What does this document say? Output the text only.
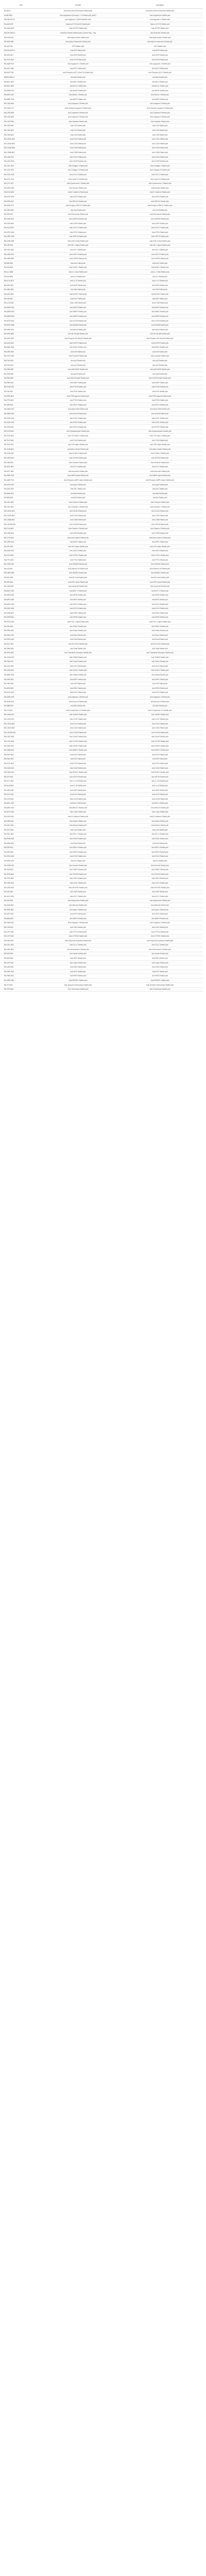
Item	Product	Description
N3-A3-S	Anti-Actin (Smooth Muscle) Rabbit pAb	Anti-Actin (Smooth Muscle) Rabbit pAb
IA-N9-RN3	Anti-Angiotensin (Pressor) / 1.5 Rabbit pAb (AMF)	Anti-Angiotensin Rabbit pAb
RAC06-002-27	Anti-Arginase-1 (ARG1)Rabbit mAb	Anti-Arginase-1 Rabbit mAb
RA-AGS-P8	Sperm ACTHS (ACS) Rabbit pAb	Sperm ACTHS Rabbit pAb
RA-AZA-NCS	Anti-AGTR1 Rabbit pAb	Anti-AGTR1 Rabbit pAb
RAC02-FAM-3	AndroSIn Rabbit (Rabbit pAb) (Guinea Pig) - Tag	Anti-AndroSIn Rabbit pAb
RA-AZ4-N01	Anti-Alpha-Actinin Rabbit pAb	Anti-Alpha-Actinin Rabbit pAb
RA-AZ6-N05	Anti-Alpha-Fetoprotein Rabbit pAb	Anti-Alpha-Fetoprotein Rabbit pAb
RA-AFP-R1	AFP Rabbit mAb	AFP Rabbit mAb
RAG03-APP-6	Anti-APP Rabbit pAb	Anti-APP Rabbit pAb
RA-AT6-N07	Anti-ATF6 Rabbit pAb	Anti-ATF6 Rabbit pAb
RA-ATG-N52	Anti-ATG5 Rabbit pAb	Anti-ATG5 Rabbit pAb
RA-AQP-R21	Anti-Aquaporin 1 Rabbit pAb	Anti-Aquaporin 1 Rabbit pAb
RA-AKT-N34	Anti-AKT1 Rabbit pAb	Anti-AKT1 Rabbit pAb
RA-AKT-P18	Anti-Phospho-AKT1 (Ser473) Rabbit pAb	Anti-Phospho-AKT1 Rabbit pAb
RAB12-BAX-1	Anti-Bax Rabbit pAb	Anti-Bax Rabbit pAb
RA-BCL-N22	Anti-Bcl-2 Rabbit pAb	Anti-Bcl-2 Rabbit pAb
RA-BCL-N35	Anti-Bcl-xL Rabbit pAb	Anti-Bcl-xL Rabbit pAb
RA-BDN-R14	Anti-BDNF Rabbit pAb	Anti-BDNF Rabbit pAb
RA-BEC-N11	Anti-Beclin 1 Rabbit pAb	Anti-Beclin 1 Rabbit pAb
RA-BMP-R02	Anti-BMP2 Rabbit pAb	Anti-BMP2 Rabbit pAb
RA-CAS-N03	Anti-Caspase-3 Rabbit pAb	Anti-Caspase-3 Rabbit pAb
RA-CAS-C17	Anti-Cleaved Caspase-3 Rabbit pAb	Anti-Cleaved Caspase-3 Rabbit pAb
RA-CAS-N08	Anti-Caspase-8 Rabbit pAb	Anti-Caspase-8 Rabbit pAb
RA-CAS-N09	Anti-Caspase-9 Rabbit pAb	Anti-Caspase-9 Rabbit pAb
RA-CAT-R05	Anti-Catalase Rabbit pAb	Anti-Catalase Rabbit pAb
RA-CD3-N01	Anti-CD3 Rabbit pAb	Anti-CD3 Rabbit pAb
RA-CD4-N02	Anti-CD4 Rabbit pAb	Anti-CD4 Rabbit pAb
RA-CD8-N03	Anti-CD8 Rabbit pAb	Anti-CD8 Rabbit pAb
RA-CD31-N04	Anti-CD31 Rabbit pAb	Anti-CD31 Rabbit pAb
RA-CD34-N05	Anti-CD34 Rabbit pAb	Anti-CD34 Rabbit pAb
RA-CD45-N06	Anti-CD45 Rabbit pAb	Anti-CD45 Rabbit pAb
RA-CD68-N07	Anti-CD68 Rabbit pAb	Anti-CD68 Rabbit pAb
RA-CDK-N12	Anti-CDK4 Rabbit pAb	Anti-CDK4 Rabbit pAb
RA-CHO-N23	Anti-CHOP Rabbit pAb	Anti-CHOP Rabbit pAb
RA-COL-R01	Anti-Collagen I Rabbit pAb	Anti-Collagen I Rabbit pAb
RA-COL-R03	Anti-Collagen III Rabbit pAb	Anti-Collagen III Rabbit pAb
RA-COX-N02	Anti-COX-2 Rabbit pAb	Anti-COX-2 Rabbit pAb
RA-CYC-N14	Anti-Cyclin D1 Rabbit pAb	Anti-Cyclin D1 Rabbit pAb
RA-CYT-N27	Anti-Cytochrome C Rabbit pAb	Anti-Cytochrome C Rabbit pAb
RA-DES-N18	Anti-Desmin Rabbit pAb	Anti-Desmin Rabbit pAb
RA-ECA-N05	Anti-E-Cadherin Rabbit pAb	Anti-E-Cadherin Rabbit pAb
RA-EGF-R09	Anti-EGFR Rabbit pAb	Anti-EGFR Rabbit pAb
RA-ERK-N11	Anti-ERK1/2 Rabbit pAb	Anti-ERK1/2 Rabbit pAb
RA-ERK-P12	Anti-Phospho-ERK1/2 Rabbit pAb	Anti-Phospho-ERK1/2 Rabbit pAb
RA-FAS-N33	Anti-Fas Rabbit pAb	Anti-Fas Rabbit pAb
RA-FIB-N07	Anti-Fibronectin Rabbit pAb	Anti-Fibronectin Rabbit pAb
RA-GAP-N01	Anti-GAPDH Rabbit pAb	Anti-GAPDH Rabbit pAb
RA-GFA-N04	Anti-GFAP Rabbit pAb	Anti-GFAP Rabbit pAb
RA-GLU-R22	Anti-GLUT1 Rabbit pAb	Anti-GLUT1 Rabbit pAb
RA-GPX-N16	Anti-GPX4 Rabbit pAb	Anti-GPX4 Rabbit pAb
RA-GRP-N78	Anti-GRP78 Rabbit pAb	Anti-GRP78 Rabbit pAb
RA-GSK-N35	Anti-GSK-3 beta Rabbit pAb	Anti-GSK-3 beta Rabbit pAb
RA-HIF-N01	Anti-HIF-1 alpha Rabbit pAb	Anti-HIF-1 alpha Rabbit pAb
RA-HO1-N02	Anti-HO-1 Rabbit pAb	Anti-HO-1 Rabbit pAb
RA-HSP-N70	Anti-HSP70 Rabbit pAb	Anti-HSP70 Rabbit pAb
RA-HSP-N90	Anti-HSP90 Rabbit pAb	Anti-HSP90 Rabbit pAb
RA-IBA-N01	Anti-Iba1 Rabbit pAb	Anti-Iba1 Rabbit pAb
RA-ICA-N01	Anti-ICAM-1 Rabbit pAb	Anti-ICAM-1 Rabbit pAb
RA-IL1-N0B	Anti-IL-1 beta Rabbit pAb	Anti-IL-1 beta Rabbit pAb
RA-IL6-N06	Anti-IL-6 Rabbit pAb	Anti-IL-6 Rabbit pAb
RA-IL10-N10	Anti-IL-10 Rabbit pAb	Anti-IL-10 Rabbit pAb
RA-INO-N02	Anti-iNOS Rabbit pAb	Anti-iNOS Rabbit pAb
RA-JNK-N01	Anti-JNK Rabbit pAb	Anti-JNK Rabbit pAb
RA-KEA-N01	Anti-KEAP1 Rabbit pAb	Anti-KEAP1 Rabbit pAb
RA-KI6-N67	Anti-Ki67 Rabbit pAb	Anti-Ki67 Rabbit pAb
RA-LC3-N02	Anti-LC3B Rabbit pAb	Anti-LC3B Rabbit pAb
RA-MAP-N02	Anti-MAP2 Rabbit pAb	Anti-MAP2 Rabbit pAb
RA-MMP-N02	Anti-MMP2 Rabbit pAb	Anti-MMP2 Rabbit pAb
RA-MMP-N09	Anti-MMP9 Rabbit pAb	Anti-MMP9 Rabbit pAb
RA-MTO-N01	Anti-mTOR Rabbit pAb	Anti-mTOR Rabbit pAb
RA-MYD-N88	Anti-MyD88 Rabbit pAb	Anti-MyD88 Rabbit pAb
RA-NEU-N01	Anti-NeuN Rabbit pAb	Anti-NeuN Rabbit pAb
RA-NFK-N65	Anti-NF-kB p65 Rabbit pAb	Anti-NF-kB p65 Rabbit pAb
RA-NFK-P65	Anti-Phospho-NF-kB p65 Rabbit pAb	Anti-Phospho-NF-kB p65 Rabbit pAb
RA-NLR-N03	Anti-NLRP3 Rabbit pAb	Anti-NLRP3 Rabbit pAb
RA-NQO-N01	Anti-NQO1 Rabbit pAb	Anti-NQO1 Rabbit pAb
RA-NRF-N02	Anti-Nrf2 Rabbit pAb	Anti-Nrf2 Rabbit pAb
RA-OCC-N01	Anti-Occludin Rabbit pAb	Anti-Occludin Rabbit pAb
RA-P16-N16	Anti-p16 Rabbit pAb	Anti-p16 Rabbit pAb
RA-P21-N21	Anti-p21 Rabbit pAb	Anti-p21 Rabbit pAb
RA-P38-N38	Anti-p38 MAPK Rabbit pAb	Anti-p38 MAPK Rabbit pAb
RA-P53-N53	Anti-p53 Rabbit pAb	Anti-p53 Rabbit pAb
RA-P62-N62	Anti-SQSTM1/p62 Rabbit pAb	Anti-SQSTM1/p62 Rabbit pAb
RA-PAR-N01	Anti-PARP Rabbit pAb	Anti-PARP Rabbit pAb
RA-PCN-N01	Anti-PCNA Rabbit pAb	Anti-PCNA Rabbit pAb
RA-PI3-N01	Anti-PI3K Rabbit pAb	Anti-PI3K Rabbit pAb
RA-PPA-N02	Anti-PPAR gamma Rabbit pAb	Anti-PPAR gamma Rabbit pAb
RA-PTE-N01	Anti-PTEN Rabbit pAb	Anti-PTEN Rabbit pAb
RA-SIR-N01	Anti-SIRT1 Rabbit pAb	Anti-SIRT1 Rabbit pAb
RA-SMA-N01	Anti-alpha-SMA Rabbit pAb	Anti-alpha-SMA Rabbit pAb
RA-SMA-N03	Anti-Smad3 Rabbit pAb	Anti-Smad3 Rabbit pAb
RA-SOD-N01	Anti-SOD1 Rabbit pAb	Anti-SOD1 Rabbit pAb
RA-SOD-N02	Anti-SOD2 Rabbit pAb	Anti-SOD2 Rabbit pAb
RA-STA-N03	Anti-STAT3 Rabbit pAb	Anti-STAT3 Rabbit pAb
RA-SYN-N01	Anti-Synaptophysin Rabbit pAb	Anti-Synaptophysin Rabbit pAb
RA-TGF-N01	Anti-TGF-beta 1 Rabbit pAb	Anti-TGF-beta 1 Rabbit pAb
RA-TLR-N04	Anti-TLR4 Rabbit pAb	Anti-TLR4 Rabbit pAb
RA-TNF-N01	Anti-TNF-alpha Rabbit pAb	Anti-TNF-alpha Rabbit pAb
RA-TUB-N01	Anti-beta-Tubulin Rabbit pAb	Anti-beta-Tubulin Rabbit pAb
RA-VCA-N01	Anti-VCAM-1 Rabbit pAb	Anti-VCAM-1 Rabbit pAb
RA-VEG-N01	Anti-VEGFA Rabbit pAb	Anti-VEGFA Rabbit pAb
RA-VIM-N01	Anti-Vimentin Rabbit pAb	Anti-Vimentin Rabbit pAb
RA-ZO1-N01	Anti-ZO-1 Rabbit pAb	Anti-ZO-1 Rabbit pAb
RA-ACT-N01	Anti-beta-Actin Rabbit pAb	Anti-beta-Actin Rabbit pAb
RA-AMP-N01	Anti-AMPK alpha Rabbit pAb	Anti-AMPK alpha Rabbit pAb
RA-AMP-P01	Anti-Phospho-AMPK alpha Rabbit pAb	Anti-Phospho-AMPK alpha Rabbit pAb
RA-APO-N01	Anti-ApoE Rabbit pAb	Anti-ApoE Rabbit pAb
RA-ASC-N01	Anti-ASC Rabbit pAb	Anti-ASC Rabbit pAb
RA-BAK-N01	Anti-Bak Rabbit pAb	Anti-Bak Rabbit pAb
RA-BID-N01	Anti-Bid Rabbit pAb	Anti-Bid Rabbit pAb
RA-CAL-N01	Anti-Calnexin Rabbit pAb	Anti-Calnexin Rabbit pAb
RA-CAV-N01	Anti-Caveolin-1 Rabbit pAb	Anti-Caveolin-1 Rabbit pAb
RA-CD11-N01	Anti-CD11b Rabbit pAb	Anti-CD11b Rabbit pAb
RA-CD20-N01	Anti-CD20 Rabbit pAb	Anti-CD20 Rabbit pAb
RA-CD86-N01	Anti-CD86 Rabbit pAb	Anti-CD86 Rabbit pAb
RA-CD206-N01	Anti-CD206 Rabbit pAb	Anti-CD206 Rabbit pAb
RA-CLA-N01	Anti-Claudin-1 Rabbit pAb	Anti-Claudin-1 Rabbit pAb
RA-CRE-N01	Anti-CREB Rabbit pAb	Anti-CREB Rabbit pAb
RA-CTN-N01	Anti-beta-Catenin Rabbit pAb	Anti-beta-Catenin Rabbit pAb
RA-DRP-N01	Anti-DRP1 Rabbit pAb	Anti-DRP1 Rabbit pAb
RA-EIF-N01	Anti-eIF2 alpha Rabbit pAb	Anti-eIF2 alpha Rabbit pAb
RA-ENO-N01	Anti-eNOS Rabbit pAb	Anti-eNOS Rabbit pAb
RA-FOX-N01	Anti-FOXO1 Rabbit pAb	Anti-FOXO1 Rabbit pAb
RA-FTH-N01	Anti-FTH1 Rabbit pAb	Anti-FTH1 Rabbit pAb
RA-GSD-N01	Anti-GSDMD Rabbit pAb	Anti-GSDMD Rabbit pAb
RA-H3-N01	Anti-Histone H3 Rabbit pAb	Anti-Histone H3 Rabbit pAb
RA-HMG-N01	Anti-HMGB1 Rabbit pAb	Anti-HMGB1 Rabbit pAb
RA-IKK-N01	Anti-IKK beta Rabbit pAb	Anti-IKK beta Rabbit pAb
RA-IRE-N01	Anti-IRE1 alpha Rabbit pAb	Anti-IRE1 alpha Rabbit pAb
RA-LAM-N01	Anti-Lamin B1 Rabbit pAb	Anti-Lamin B1 Rabbit pAb
RA-MCP-N01	Anti-MCP-1 Rabbit pAb	Anti-MCP-1 Rabbit pAb
RA-MFN-N02	Anti-MFN2 Rabbit pAb	Anti-MFN2 Rabbit pAb
RA-MPO-N01	Anti-MPO Rabbit pAb	Anti-MPO Rabbit pAb
RA-NOX-N02	Anti-NOX2 Rabbit pAb	Anti-NOX2 Rabbit pAb
RA-NOX-N04	Anti-NOX4 Rabbit pAb	Anti-NOX4 Rabbit pAb
RA-OPA-N01	Anti-OPA1 Rabbit pAb	Anti-OPA1 Rabbit pAb
RA-PER-N01	Anti-PERK Rabbit pAb	Anti-PERK Rabbit pAb
RA-PGC-N01	Anti-PGC-1 alpha Rabbit pAb	Anti-PGC-1 alpha Rabbit pAb
RA-PIN-N01	Anti-PINK1 Rabbit pAb	Anti-PINK1 Rabbit pAb
RA-PRK-N01	Anti-Parkin Rabbit pAb	Anti-Parkin Rabbit pAb
RA-RAC-N01	Anti-Rac1 Rabbit pAb	Anti-Rac1 Rabbit pAb
RA-RHO-N01	Anti-RhoA Rabbit pAb	Anti-RhoA Rabbit pAb
RA-SLC-N11	Anti-SLC7A11 Rabbit pAb	Anti-SLC7A11 Rabbit pAb
RA-SNA-N01	Anti-Snail Rabbit pAb	Anti-Snail Rabbit pAb
RA-TFR-N01	Anti-Transferrin Receptor Rabbit pAb	Anti-Transferrin Receptor Rabbit pAb
RA-TOM-N20	Anti-TOM20 Rabbit pAb	Anti-TOM20 Rabbit pAb
RA-TWI-N01	Anti-Twist1 Rabbit pAb	Anti-Twist1 Rabbit pAb
RA-ULK-N01	Anti-ULK1 Rabbit pAb	Anti-ULK1 Rabbit pAb
RA-VDA-N01	Anti-VDAC1 Rabbit pAb	Anti-VDAC1 Rabbit pAb
RA-WNT-N01	Anti-Wnt3a Rabbit pAb	Anti-Wnt3a Rabbit pAb
RA-XBP-N01	Anti-XBP1 Rabbit pAb	Anti-XBP1 Rabbit pAb
RA-YAP-N01	Anti-YAP Rabbit pAb	Anti-YAP Rabbit pAb
RA-ZEB-N01	Anti-ZEB1 Rabbit pAb	Anti-ZEB1 Rabbit pAb
RA-ACE-N02	Anti-ACE2 Rabbit pAb	Anti-ACE2 Rabbit pAb
RA-ARG-N02	Anti-Arginase-1 Rabbit pAb	Anti-Arginase-1 Rabbit pAb
RA-AUR-N01	Anti-Aurora A Rabbit pAb	Anti-Aurora A Rabbit pAb
RA-BIM-N01	Anti-Bim Rabbit pAb	Anti-Bim Rabbit pAb
RA-C3-N01	Anti-Complement C3 Rabbit pAb	Anti-Complement C3 Rabbit pAb
RA-CAM-N01	Anti-CaMKII Rabbit pAb	Anti-CaMKII Rabbit pAb
RA-CCR-N07	Anti-CCR7 Rabbit pAb	Anti-CCR7 Rabbit pAb
RA-CD14-N01	Anti-CD14 Rabbit pAb	Anti-CD14 Rabbit pAb
RA-CD44-N01	Anti-CD44 Rabbit pAb	Anti-CD44 Rabbit pAb
RA-CD163-N01	Anti-CD163 Rabbit pAb	Anti-CD163 Rabbit pAb
RA-CDC-N42	Anti-Cdc42 Rabbit pAb	Anti-Cdc42 Rabbit pAb
RA-CXC-N04	Anti-CXCR4 Rabbit pAb	Anti-CXCR4 Rabbit pAb
RA-DAP-N01	Anti-DAPK1 Rabbit pAb	Anti-DAPK1 Rabbit pAb
RA-DNM-N01	Anti-DNMT1 Rabbit pAb	Anti-DNMT1 Rabbit pAb
RA-EZH-N02	Anti-EZH2 Rabbit pAb	Anti-EZH2 Rabbit pAb
RA-FAK-N01	Anti-FAK Rabbit pAb	Anti-FAK Rabbit pAb
RA-FGF-N02	Anti-FGF2 Rabbit pAb	Anti-FGF2 Rabbit pAb
RA-GAS-N01	Anti-GAS6 Rabbit pAb	Anti-GAS6 Rabbit pAb
RA-HDA-N01	Anti-HDAC1 Rabbit pAb	Anti-HDAC1 Rabbit pAb
RA-IGF-N01	Anti-IGF1R Rabbit pAb	Anti-IGF1R Rabbit pAb
RA-IL17-N01	Anti-IL-17A Rabbit pAb	Anti-IL-17A Rabbit pAb
RA-IL18-N01	Anti-IL-18 Rabbit pAb	Anti-IL-18 Rabbit pAb
RA-JAK-N02	Anti-JAK2 Rabbit pAb	Anti-JAK2 Rabbit pAb
RA-KLF-N04	Anti-KLF4 Rabbit pAb	Anti-KLF4 Rabbit pAb
RA-LDH-N01	Anti-LDHA Rabbit pAb	Anti-LDHA Rabbit pAb
RA-MCL-N01	Anti-Mcl-1 Rabbit pAb	Anti-Mcl-1 Rabbit pAb
RA-MEK-N01	Anti-MEK1/2 Rabbit pAb	Anti-MEK1/2 Rabbit pAb
RA-MYC-N01	Anti-c-Myc Rabbit pAb	Anti-c-Myc Rabbit pAb
RA-NCA-N01	Anti-N-Cadherin Rabbit pAb	Anti-N-Cadherin Rabbit pAb
RA-NES-N01	Anti-Nestin Rabbit pAb	Anti-Nestin Rabbit pAb
RA-NOT-N01	Anti-Notch1 Rabbit pAb	Anti-Notch1 Rabbit pAb
RA-OCT-N04	Anti-Oct4 Rabbit pAb	Anti-Oct4 Rabbit pAb
RA-PDL-N01	Anti-PD-L1 Rabbit pAb	Anti-PD-L1 Rabbit pAb
RA-PKM-N02	Anti-PKM2 Rabbit pAb	Anti-PKM2 Rabbit pAb
RA-RAS-N01	Anti-Ras Rabbit pAb	Anti-Ras Rabbit pAb
RA-RIP-N01	Anti-RIPK1 Rabbit pAb	Anti-RIPK1 Rabbit pAb
RA-RIP-N03	Anti-RIPK3 Rabbit pAb	Anti-RIPK3 Rabbit pAb
RA-SOX-N02	Anti-SOX2 Rabbit pAb	Anti-SOX2 Rabbit pAb
RA-SRC-N01	Anti-Src Rabbit pAb	Anti-Src Rabbit pAb
RA-SUR-N01	Anti-Survivin Rabbit pAb	Anti-Survivin Rabbit pAb
RA-TIM-N01	Anti-TIMP1 Rabbit pAb	Anti-TIMP1 Rabbit pAb
RA-TRA-N06	Anti-TRAF6 Rabbit pAb	Anti-TRAF6 Rabbit pAb
RA-TSP-N01	Anti-TSPO Rabbit pAb	Anti-TSPO Rabbit pAb
RA-UCP-N01	Anti-UCP1 Rabbit pAb	Anti-UCP1 Rabbit pAb
RA-VEG-R02	Anti-VEGFR2 Rabbit pAb	Anti-VEGFR2 Rabbit pAb
RA-XIA-N01	Anti-XIAP Rabbit pAb	Anti-XIAP Rabbit pAb
RA-ACC-N01	Anti-ACC1 Rabbit pAb	Anti-ACC1 Rabbit pAb
RA-ADI-N01	Anti-Adiponectin Rabbit pAb	Anti-Adiponectin Rabbit pAb
RA-ALB-N01	Anti-Albumin Rabbit pAb	Anti-Albumin Rabbit pAb
RA-APA-N01	Anti-Apaf-1 Rabbit pAb	Anti-Apaf-1 Rabbit pAb
RA-ATF-N04	Anti-ATF4 Rabbit pAb	Anti-ATF4 Rabbit pAb
RA-BNI-N03	Anti-BNIP3 Rabbit pAb	Anti-BNIP3 Rabbit pAb
RA-CAS-N01	Anti-Caspase-1 Rabbit pAb	Anti-Caspase-1 Rabbit pAb
RA-CHI-N01	Anti-Chk1 Rabbit pAb	Anti-Chk1 Rabbit pAb
RA-CPT-N01	Anti-CPT1A Rabbit pAb	Anti-CPT1A Rabbit pAb
RA-CYP-N01	Anti-CYP2E1 Rabbit pAb	Anti-CYP2E1 Rabbit pAb
RA-FAS-N01	Anti-Fatty Acid Synthase Rabbit pAb	Anti-Fatty Acid Synthase Rabbit pAb
RA-GCL-N01	Anti-GCLC Rabbit pAb	Anti-GCLC Rabbit pAb
RA-HK2-N01	Anti-Hexokinase II Rabbit pAb	Anti-Hexokinase II Rabbit pAb
RA-INS-N01	Anti-Insulin Rabbit pAb	Anti-Insulin Rabbit pAb
RA-IRS-N01	Anti-IRS1 Rabbit pAb	Anti-IRS1 Rabbit pAb
RA-LEP-N01	Anti-Leptin Rabbit pAb	Anti-Leptin Rabbit pAb
RA-LKB-N01	Anti-LKB1 Rabbit pAb	Anti-LKB1 Rabbit pAb
RA-NGF-N01	Anti-NGF Rabbit pAb	Anti-NGF Rabbit pAb
RA-PAR-N02	Anti-PAR2 Rabbit pAb	Anti-PAR2 Rabbit pAb
RA-SRE-N01	Anti-SREBP1 Rabbit pAb	Anti-SREBP1 Rabbit pAb
RA-TH-N01	Anti-Tyrosine Hydroxylase Rabbit pAb	Anti-Tyrosine Hydroxylase Rabbit pAb
RA-TRX-N01	Anti-Thioredoxin Rabbit pAb	Anti-Thioredoxin Rabbit pAb
